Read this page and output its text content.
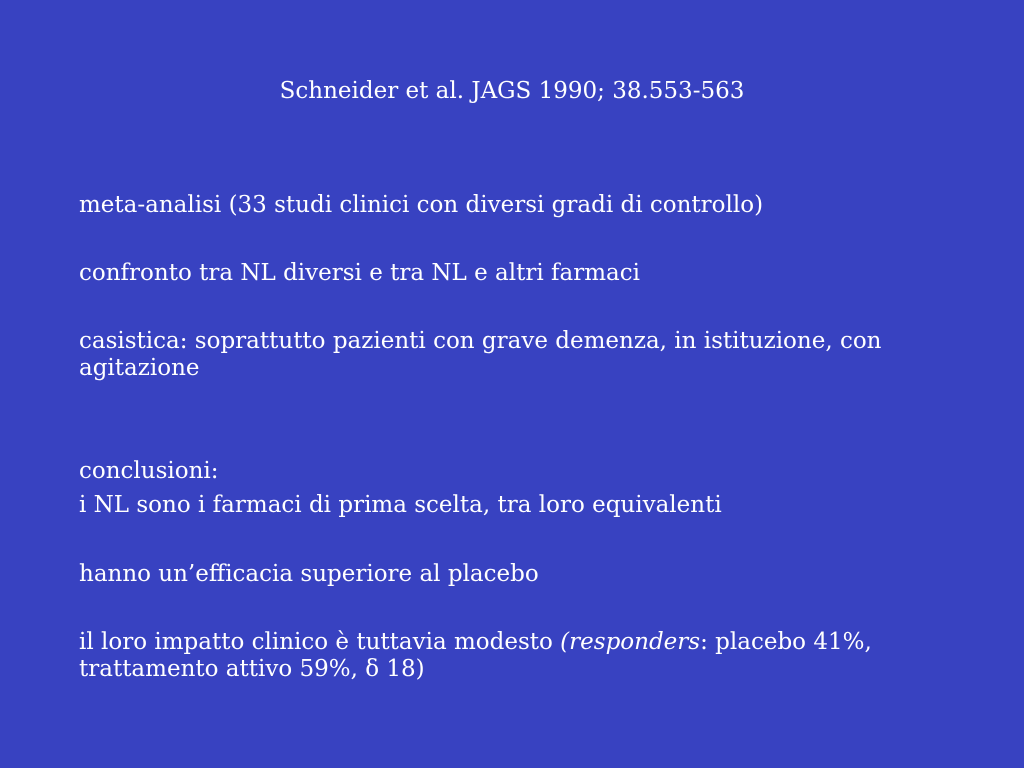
Schneider et al. JAGS 1990; 38.553-563

meta-analisi (33 studi clinici con diversi gradi di controllo)

confronto tra NL diversi e tra NL e altri farmaci

casistica: soprattutto pazienti con grave demenza, in istituzione, con agitazione

conclusioni:

i NL sono i farmaci di prima scelta, tra loro equivalenti

hanno un’efficacia superiore al placebo

il loro impatto clinico è tuttavia modesto (responders: placebo 41%, trattamento attivo 59%, δ 18)
